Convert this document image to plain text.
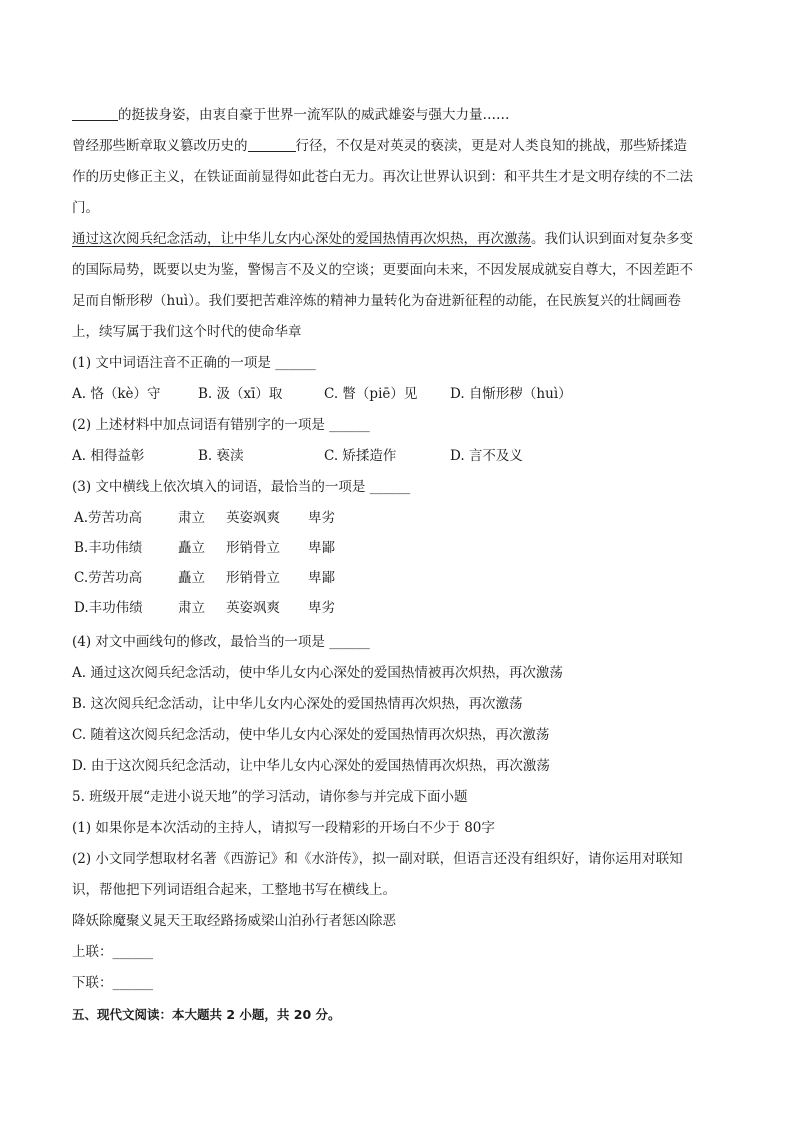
的挺拔身姿，由衷自豪于世界一流军队的威武雄姿与强大力量……
曾经那些断章取义篡改历史的	行径，不仅是对英灵的亵渎，更是对人类良知的挑战，那些矫揉造
作的历史修正主义，在铁证面前显得如此苍白无力。再次让世界认识到：和平共生才是文明存续的不二法
门。
通过这次阅兵纪念活动，让中华儿女内心深处的爱国热情再次炽热，再次激荡。我们认识到面对复杂多变
的国际局势，既要以史为鉴，警惕言不及义的空谈；更要面向未来，不因发展成就妄自尊大，不因差距不
足而自惭形秽（huì）。我们要把苦难淬炼的精神力量转化为奋进新征程的动能，在民族复兴的壮阔画卷
上，续写属于我们这个时代的使命华章
(1) 文中词语注音不正确的一项是 ______
A. 恪（kè）守	B. 汲（xī）取	C. 瞥（piē）见	D. 自惭形秽（huì）
(2) 上述材料中加点词语有错别字的一项是 ______
A. 相得益彰	B. 亵渎	C. 矫揉造作	D. 言不及义
(3) 文中横线上依次填入的词语，最恰当的一项是 ______
A.劳苦功高	肃立	英姿飒爽	卑劣
B.丰功伟绩	矗立	形销骨立	卑鄙
C.劳苦功高	矗立	形销骨立	卑鄙
D.丰功伟绩	肃立	英姿飒爽	卑劣
(4) 对文中画线句的修改，最恰当的一项是 ______
A. 通过这次阅兵纪念活动，使中华儿女内心深处的爱国热情被再次炽热，再次激荡
B. 这次阅兵纪念活动，让中华儿女内心深处的爱国热情再次炽热，再次激荡
C. 随着这次阅兵纪念活动，使中华儿女内心深处的爱国热情再次炽热，再次激荡
D. 由于这次阅兵纪念活动，让中华儿女内心深处的爱国热情再次炽热，再次激荡
5. 班级开展“走进小说天地”的学习活动，请你参与并完成下面小题
(1) 如果你是本次活动的主持人，请拟写一段精彩的开场白不少于 80字
(2) 小文同学想取材名著《西游记》和《水浒传》，拟一副对联，但语言还没有组织好，请你运用对联知
识，帮他把下列词语组合起来，工整地书写在横线上。
降妖除魔聚义晁天王取经路扬威梁山泊孙行者惩凶除恶
上联：______
下联：______
五、现代文阅读：本大题共 2 小题，共 20 分。
